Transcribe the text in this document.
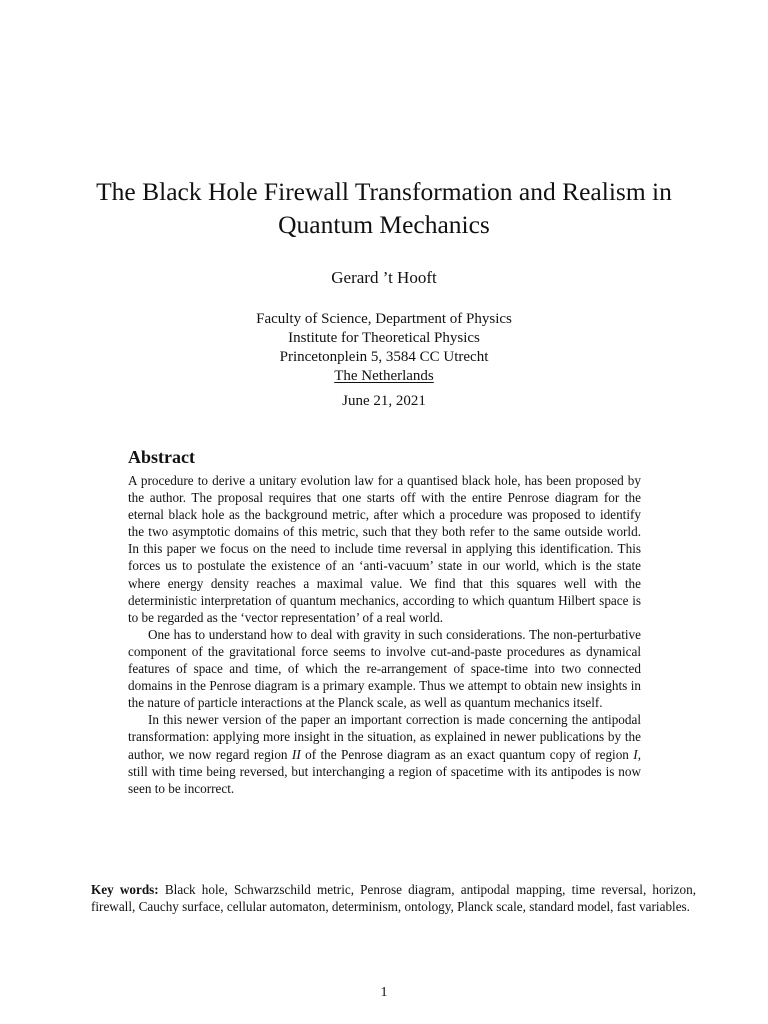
The Black Hole Firewall Transformation and Realism in Quantum Mechanics
Gerard ’t Hooft
Faculty of Science, Department of Physics
Institute for Theoretical Physics
Princetonplein 5, 3584 CC Utrecht
The Netherlands
June 21, 2021
Abstract

A procedure to derive a unitary evolution law for a quantised black hole, has been proposed by the author. The proposal requires that one starts off with the entire Penrose diagram for the eternal black hole as the background metric, after which a procedure was proposed to identify the two asymptotic domains of this metric, such that they both refer to the same outside world. In this paper we focus on the need to include time reversal in applying this identification. This forces us to postulate the existence of an ‘anti-vacuum’ state in our world, which is the state where energy density reaches a maximal value. We find that this squares well with the deterministic interpretation of quantum mechanics, according to which quantum Hilbert space is to be regarded as the ‘vector representation’ of a real world.

One has to understand how to deal with gravity in such considerations. The non-perturbative component of the gravitational force seems to involve cut-and-paste procedures as dynamical features of space and time, of which the re-arrangement of space-time into two connected domains in the Penrose diagram is a primary example. Thus we attempt to obtain new insights in the nature of particle interactions at the Planck scale, as well as quantum mechanics itself.

In this newer version of the paper an important correction is made concerning the antipodal transformation: applying more insight in the situation, as explained in newer publications by the author, we now regard region II of the Penrose diagram as an exact quantum copy of region I, still with time being reversed, but interchanging a region of spacetime with its antipodes is now seen to be incorrect.

Key words: Black hole, Schwarzschild metric, Penrose diagram, antipodal mapping, time reversal, horizon, firewall, Cauchy surface, cellular automaton, determinism, ontology, Planck scale, standard model, fast variables.
1
